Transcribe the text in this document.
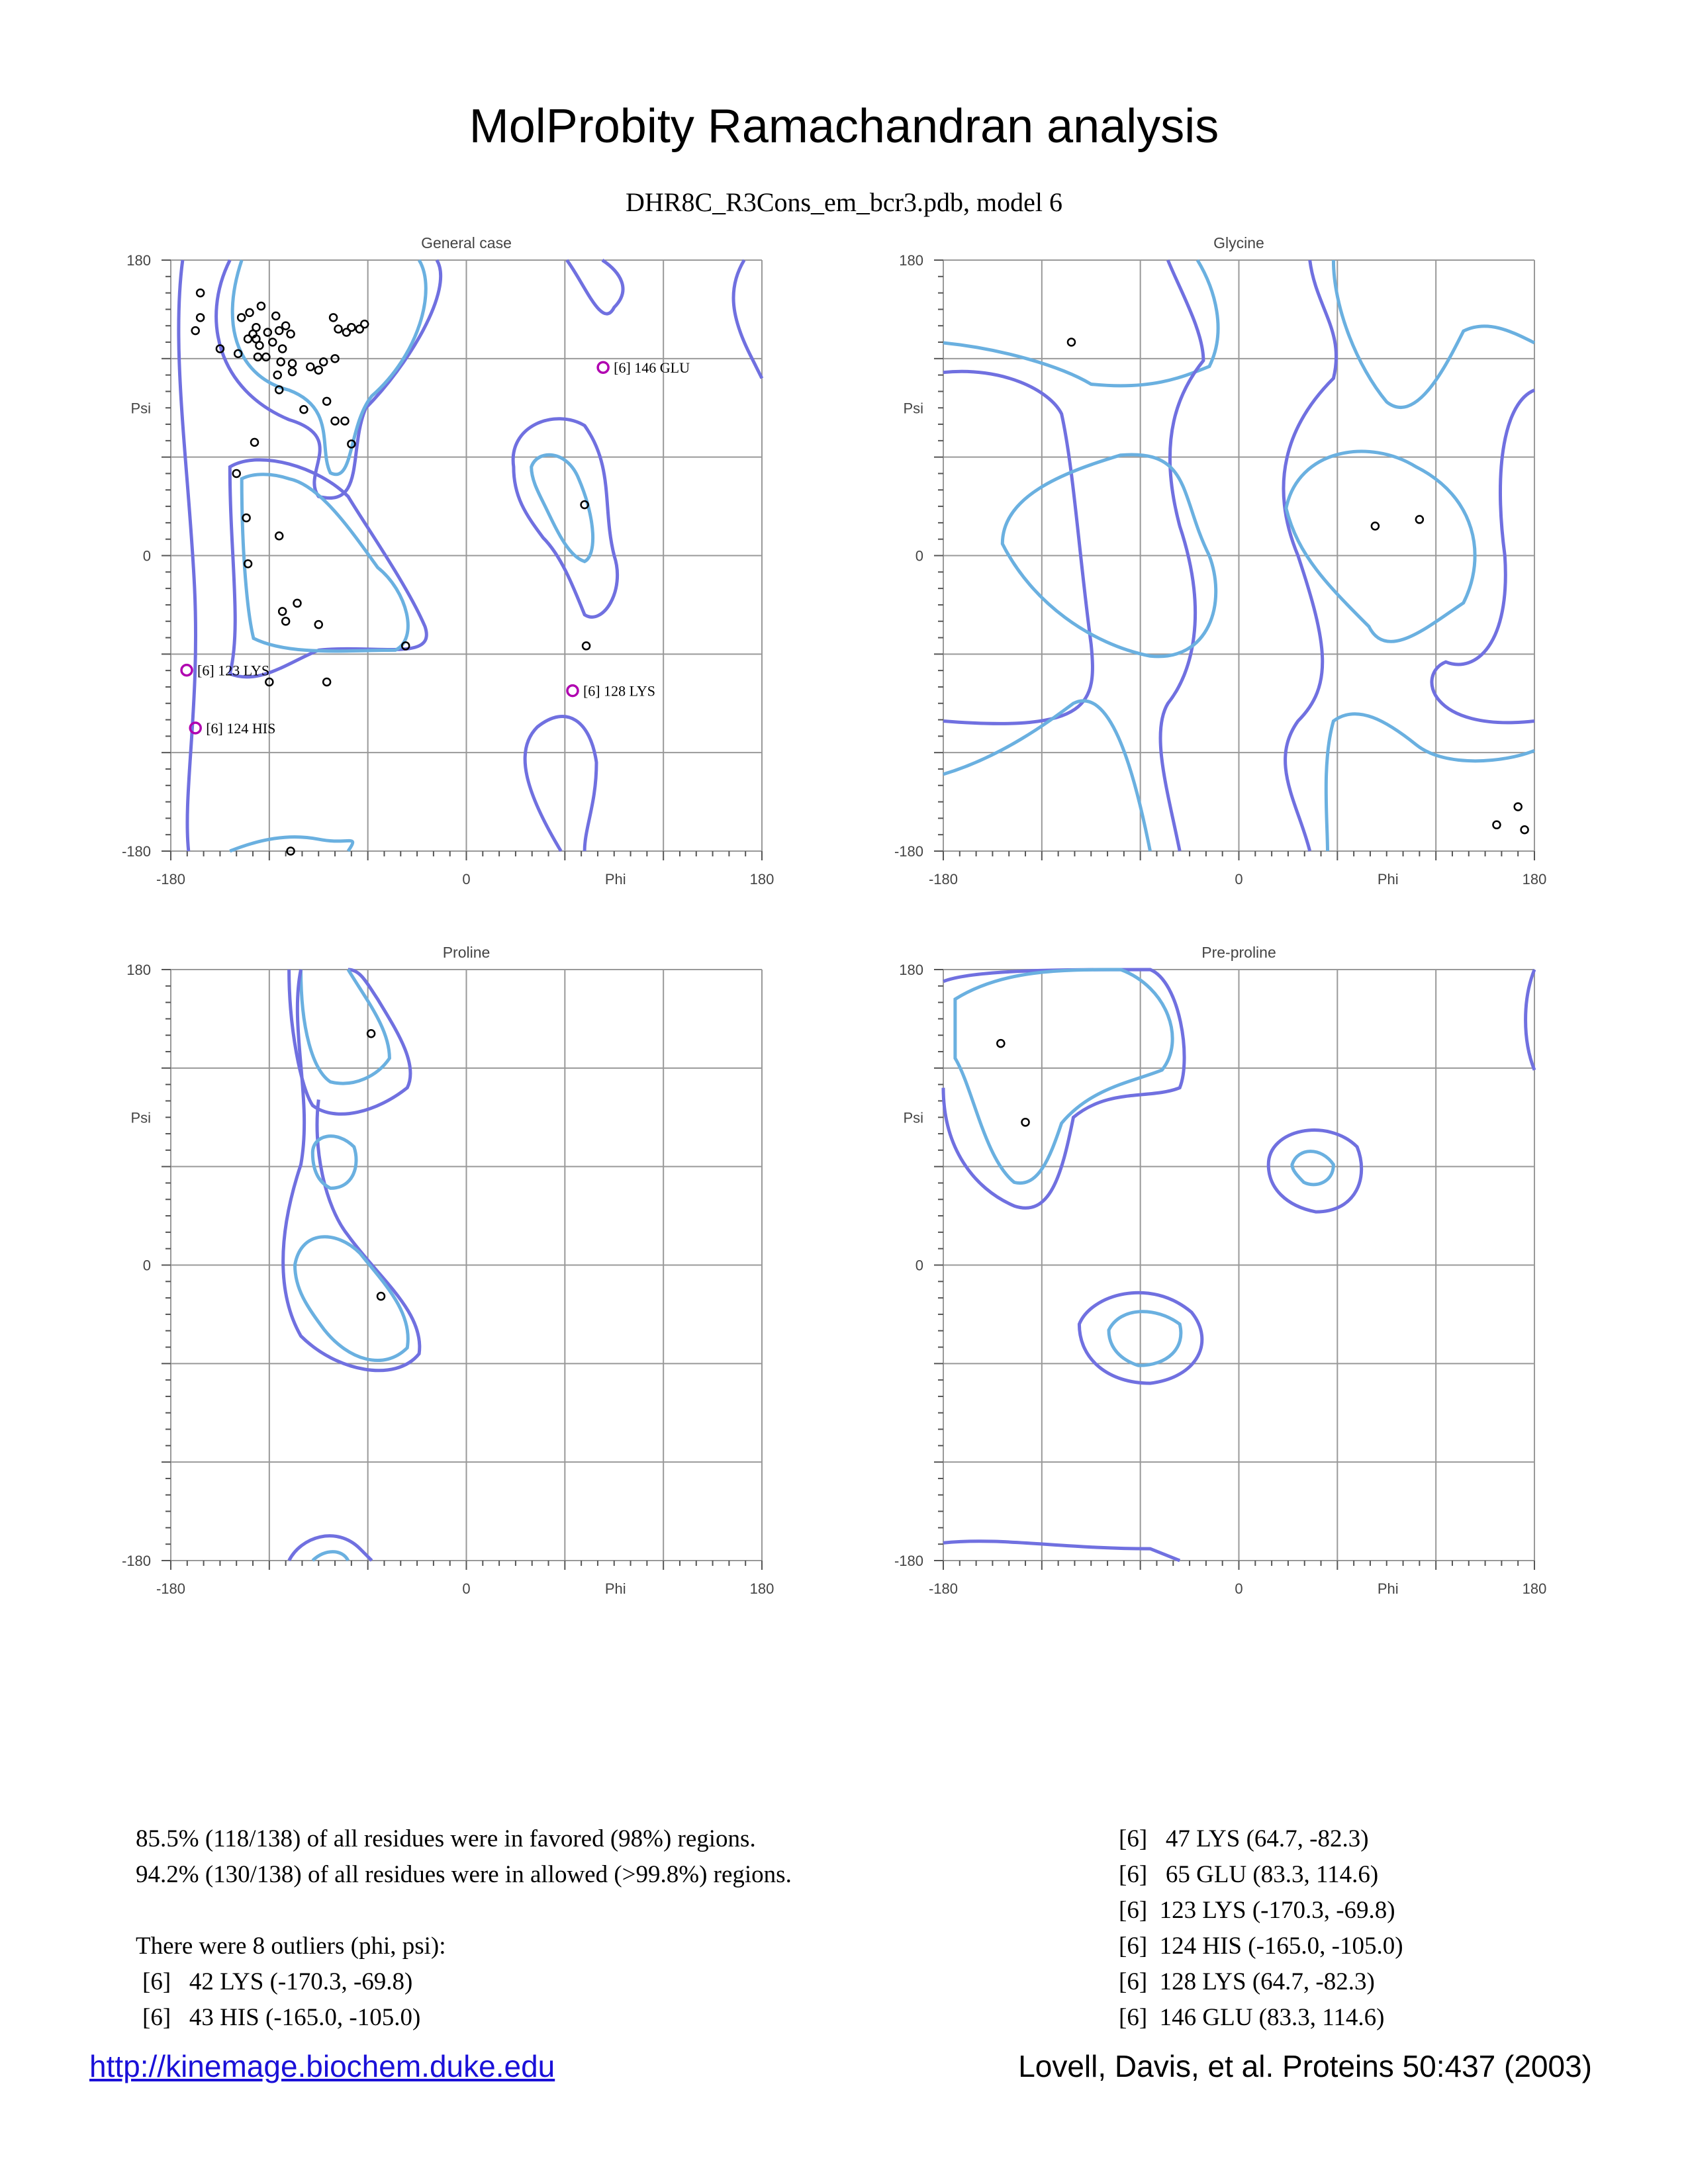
MolProbity Ramachandran analysis
DHR8C_R3Cons_em_bcr3.pdb, model 6
General case
-180	0	180
Phi
180
0
-180
Psi
[6] 123 LYS
[6] 124 HIS
[6] 128 LYS
[6] 146 GLU
Glycine
-180	0	180
Phi
180
0
-180
Psi
Proline
-180	0	180
Phi
180
0
-180
Psi
Pre-proline
-180	0	180
Phi
180
0
-180
Psi
85.5% (118/138) of all residues were in favored (98%) regions.
94.2% (130/138) of all residues were in allowed (>99.8%) regions.
There were 8 outliers (phi, psi):
[6]   42 LYS (-170.3, -69.8)
[6]   43 HIS (-165.0, -105.0)
[6]   47 LYS (64.7, -82.3)
[6]   65 GLU (83.3, 114.6)
[6]  123 LYS (-170.3, -69.8)
[6]  124 HIS (-165.0, -105.0)
[6]  128 LYS (64.7, -82.3)
[6]  146 GLU (83.3, 114.6)
http://kinemage.biochem.duke.edu	Lovell, Davis, et al. Proteins 50:437 (2003)
